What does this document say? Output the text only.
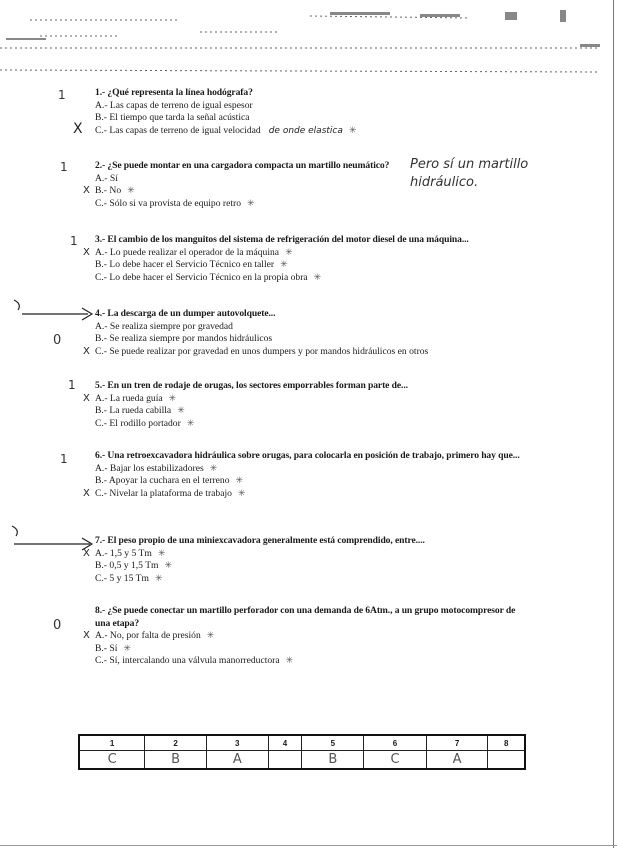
1	1.- ¿Qué representa la línea hodógrafa?
A.- Las capas de terreno de igual espesor
B.- El tiempo que tarda la señal acústica
X C.- Las capas de terreno de igual velocidad de onde elastica ✳
1	2.- ¿Se puede montar en una cargadora compacta un martillo neumático?
A.- Sí
X B.- No ✳
C.- Sólo si va provista de equipo retro ✳
Pero sí un martillo hidráulico.
1 3.- El cambio de los manguitos del sistema de refrigeración del motor diesel de una máquina...
X A.- Lo puede realizar el operador de la máquina ✳
B.- Lo debe hacer el Servicio Técnico en taller ✳
C.- Lo debe hacer el Servicio Técnico en la propia obra ✳
0
4.- La descarga de un dumper autovolquete...
A.- Se realiza siempre por gravedad
B.- Se realiza siempre por mandos hidráulicos
X C.- Se puede realizar por gravedad en unos dumpers y por mandos hidráulicos en otros
1 5.- En un tren de rodaje de orugas, los sectores emporrables forman parte de...
X A.- La rueda guía ✳
B.- La rueda cabilla ✳
C.- El rodillo portador ✳
1	6.- Una retroexcavadora hidráulica sobre orugas, para colocarla en posición de trabajo, primero hay que...
A.- Bajar los estabilizadores ✳
B.- Apoyar la cuchara en el terreno ✳
X C.- Nivelar la plataforma de trabajo ✳
7.- El peso propio de una miniexcavadora generalmente está comprendido, entre....
X A.- 1,5 y 5 Tm ✳
B.- 0,5 y 1,5 Tm ✳
C.- 5 y 15 Tm ✳
0
8.- ¿Se puede conectar un martillo perforador con una demanda de 6Atm., a un grupo motocompresor de una etapa?
X A.- No, por falta de presión ✳
B.- Sí ✳
C.- Sí, intercalando una válvula manorreductora ✳
1	2	3	4	5	6	7	8
C	B	A		B	C	A	
